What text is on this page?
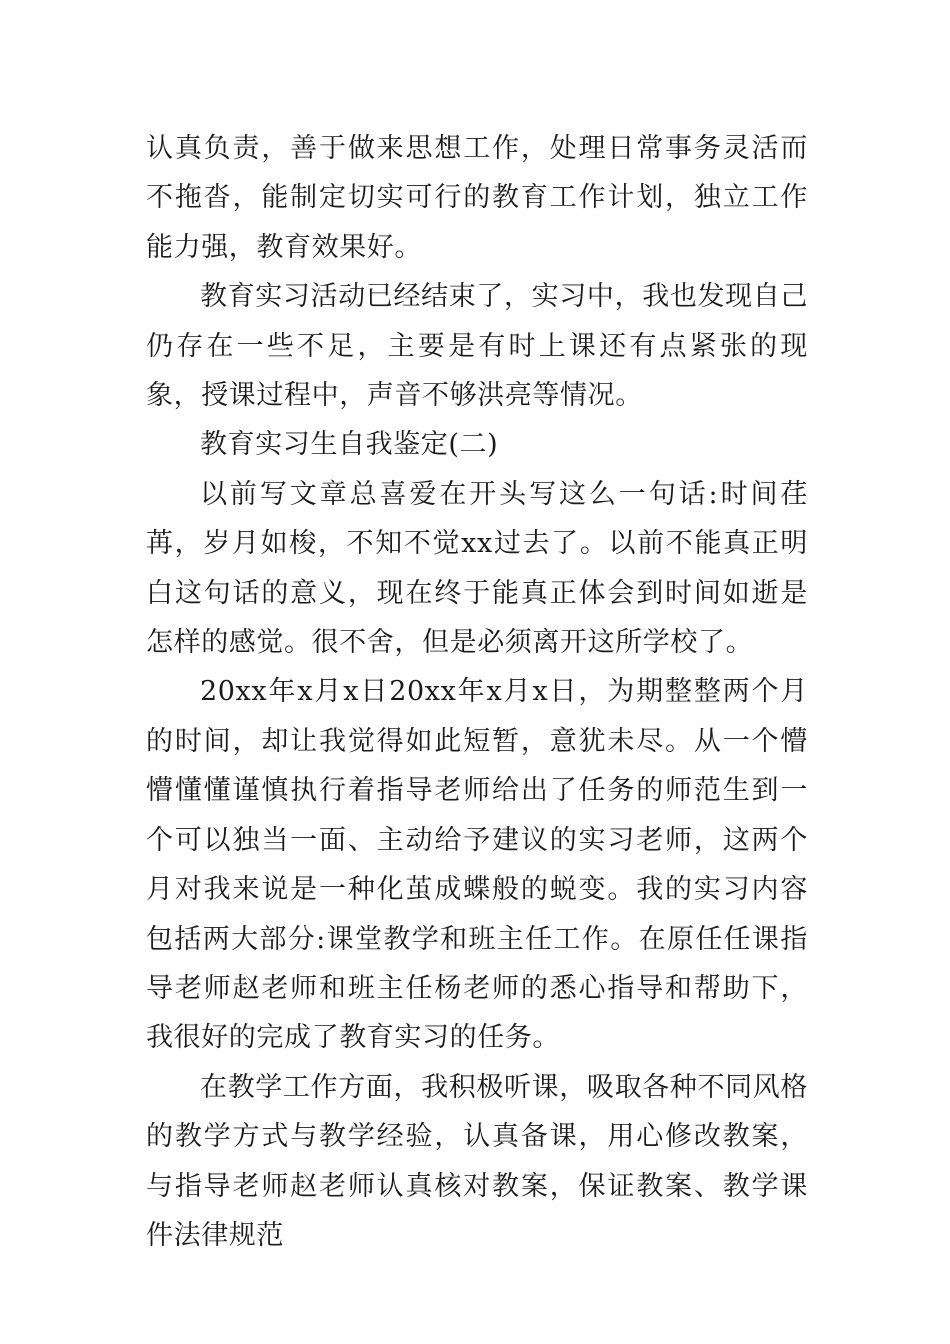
认真负责，善于做来思想工作，处理日常事务灵活而不拖沓，能制定切实可行的教育工作计划，独立工作能力强，教育效果好。

教育实习活动已经结束了，实习中，我也发现自己仍存在一些不足，主要是有时上课还有点紧张的现象，授课过程中，声音不够洪亮等情况。

教育实习生自我鉴定(二)

以前写文章总喜爱在开头写这么一句话:时间荏苒，岁月如梭，不知不觉xx过去了。以前不能真正明白这句话的意义，现在终于能真正体会到时间如逝是怎样的感觉。很不舍，但是必须离开这所学校了。

20xx年x月x日20xx年x月x日，为期整整两个月的时间，却让我觉得如此短暂，意犹未尽。从一个懵懵懂懂谨慎执行着指导老师给出了任务的师范生到一个可以独当一面、主动给予建议的实习老师，这两个月对我来说是一种化茧成蝶般的蜕变。我的实习内容包括两大部分:课堂教学和班主任工作。在原任任课指导老师赵老师和班主任杨老师的悉心指导和帮助下，我很好的完成了教育实习的任务。

在教学工作方面，我积极听课，吸取各种不同风格的教学方式与教学经验，认真备课，用心修改教案，与指导老师赵老师认真核对教案，保证教案、教学课件法律规范
